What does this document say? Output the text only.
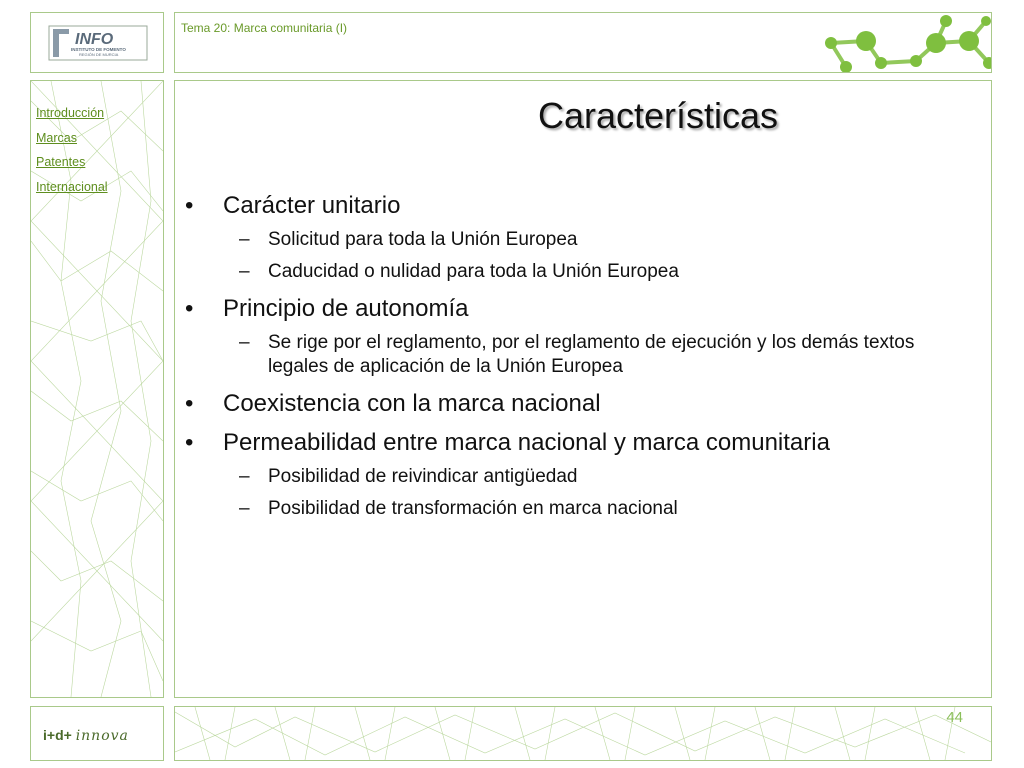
INFO
INSTITUTO DE FOMENTO
REGIÓN DE MURCIA
Tema 20: Marca comunitaria (I)
Introducción
Marcas
Patentes
Internacional
Características
• Carácter unitario
– Solicitud para toda la Unión Europea
– Caducidad o nulidad para toda la Unión Europea
• Principio de autonomía
– Se rige por el reglamento, por el reglamento de ejecución y los demás textos legales de aplicación de la Unión Europea
• Coexistencia con la marca nacional
• Permeabilidad entre marca nacional y marca comunitaria
– Posibilidad de reivindicar antigüedad
– Posibilidad de transformación en marca nacional
i+d+ innova
44
